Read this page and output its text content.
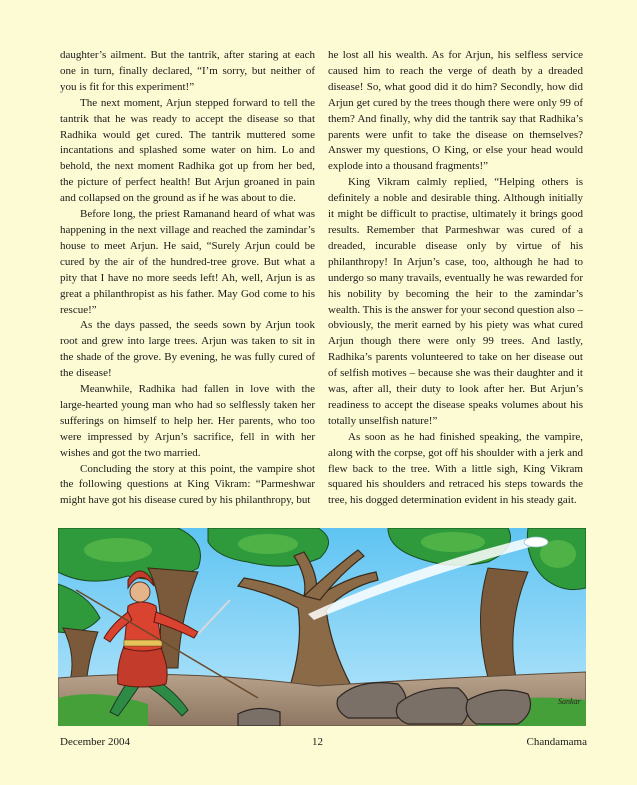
daughter’s ailment. But the tantrik, after staring at each one in turn, finally declared, “I’m sorry, but neither of you is fit for this experiment!”

The next moment, Arjun stepped forward to tell the tantrik that he was ready to accept the disease so that Radhika would get cured. The tantrik muttered some incantations and splashed some water on him. Lo and behold, the next moment Radhika got up from her bed, the picture of perfect health! But Arjun groaned in pain and collapsed on the ground as if he was about to die.

Before long, the priest Ramanand heard of what was happening in the next village and reached the zamindar’s house to meet Arjun. He said, “Surely Arjun could be cured by the air of the hundred-tree grove. But what a pity that I have no more seeds left! Ah, well, Arjun is as great a philanthropist as his father. May God come to his rescue!”

As the days passed, the seeds sown by Arjun took root and grew into large trees. Arjun was taken to sit in the shade of the grove. By evening, he was fully cured of the disease!

Meanwhile, Radhika had fallen in love with the large-hearted young man who had so selflessly taken her sufferings on himself to help her. Her parents, who too were impressed by Arjun’s sacrifice, fell in with her wishes and got the two married.

Concluding the story at this point, the vampire shot the following questions at King Vikram: “Parmeshwar might have got his disease cured by his philanthropy, but

he lost all his wealth. As for Arjun, his selfless service caused him to reach the verge of death by a dreaded disease! So, what good did it do him? Secondly, how did Arjun get cured by the trees though there were only 99 of them? And finally, why did the tantrik say that Radhika’s parents were unfit to take the disease on themselves? Answer my questions, O King, or else your head would explode into a thousand fragments!”

King Vikram calmly replied, “Helping others is definitely a noble and desirable thing. Although initially it might be difficult to practise, ultimately it brings good results. Remember that Parmeshwar was cured of a dreaded, incurable disease only by virtue of his philanthropy! In Arjun’s case, too, although he had to undergo so many travails, eventually he was rewarded for his nobility by becoming the heir to the zamindar’s wealth. This is the answer for your second question also – obviously, the merit earned by his piety was what cured Arjun though there were only 99 trees. And lastly, Radhika’s parents volunteered to take on her disease out of selfish motives – because she was their daughter and it was, after all, their duty to look after her. But Arjun’s readiness to accept the disease speaks volumes about his totally unselfish nature!”

As soon as he had finished speaking, the vampire, along with the corpse, got off his shoulder with a jerk and flew back to the tree. With a little sigh, King Vikram squared his shoulders and retraced his steps towards the tree, his dogged determination evident in his steady gait.

Sankar
December 2004	12	Chandamama
